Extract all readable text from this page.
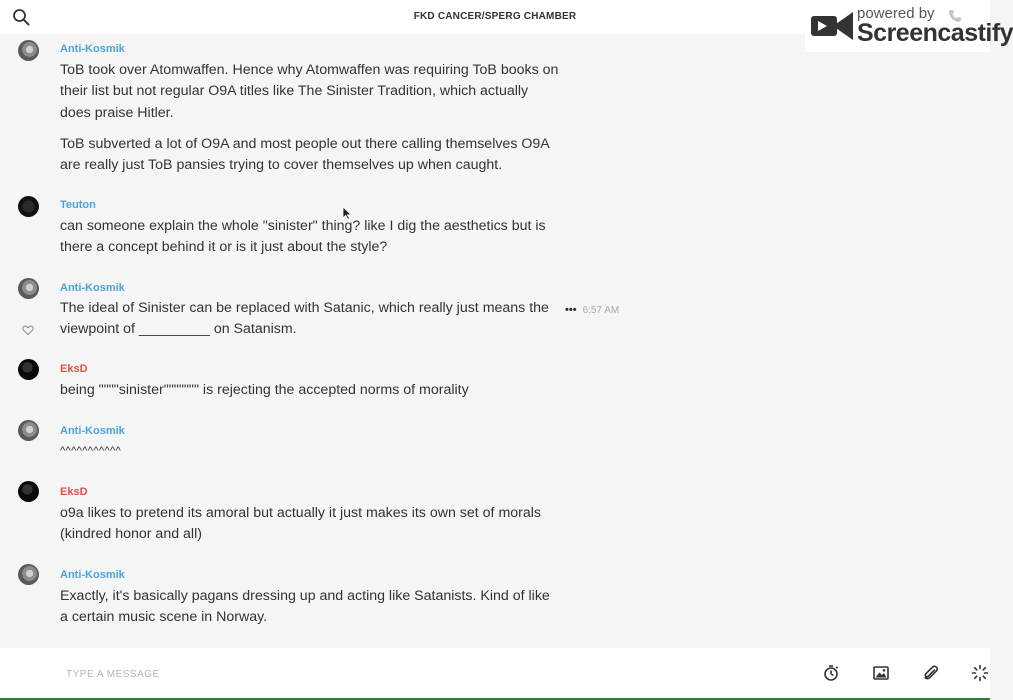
FKD CANCER/SPERG CHAMBER	powered by
Screencastify
Anti-Kosmik
ToB took over Atomwaffen. Hence why Atomwaffen was requiring ToB books on their list but not regular O9A titles like The Sinister Tradition, which actually does praise Hitler.
ToB subverted a lot of O9A and most people out there calling themselves O9A are really just ToB pansies trying to cover themselves up when caught.
Teuton
can someone explain the whole "sinister" thing? like I dig the aesthetics but is there a concept behind it or is it just about the style?
Anti-Kosmik
The ideal of Sinister can be replaced with Satanic, which really just means the viewpoint of _________ on Satanism.
••• 6:57 AM
EksD
being """"sinister""""""" is rejecting the accepted norms of morality
Anti-Kosmik
^^^^^^^^^^^
EksD
o9a likes to pretend its amoral but actually it just makes its own set of morals (kindred honor and all)
Anti-Kosmik
Exactly, it's basically pagans dressing up and acting like Satanists. Kind of like a certain music scene in Norway.
TYPE A MESSAGE
